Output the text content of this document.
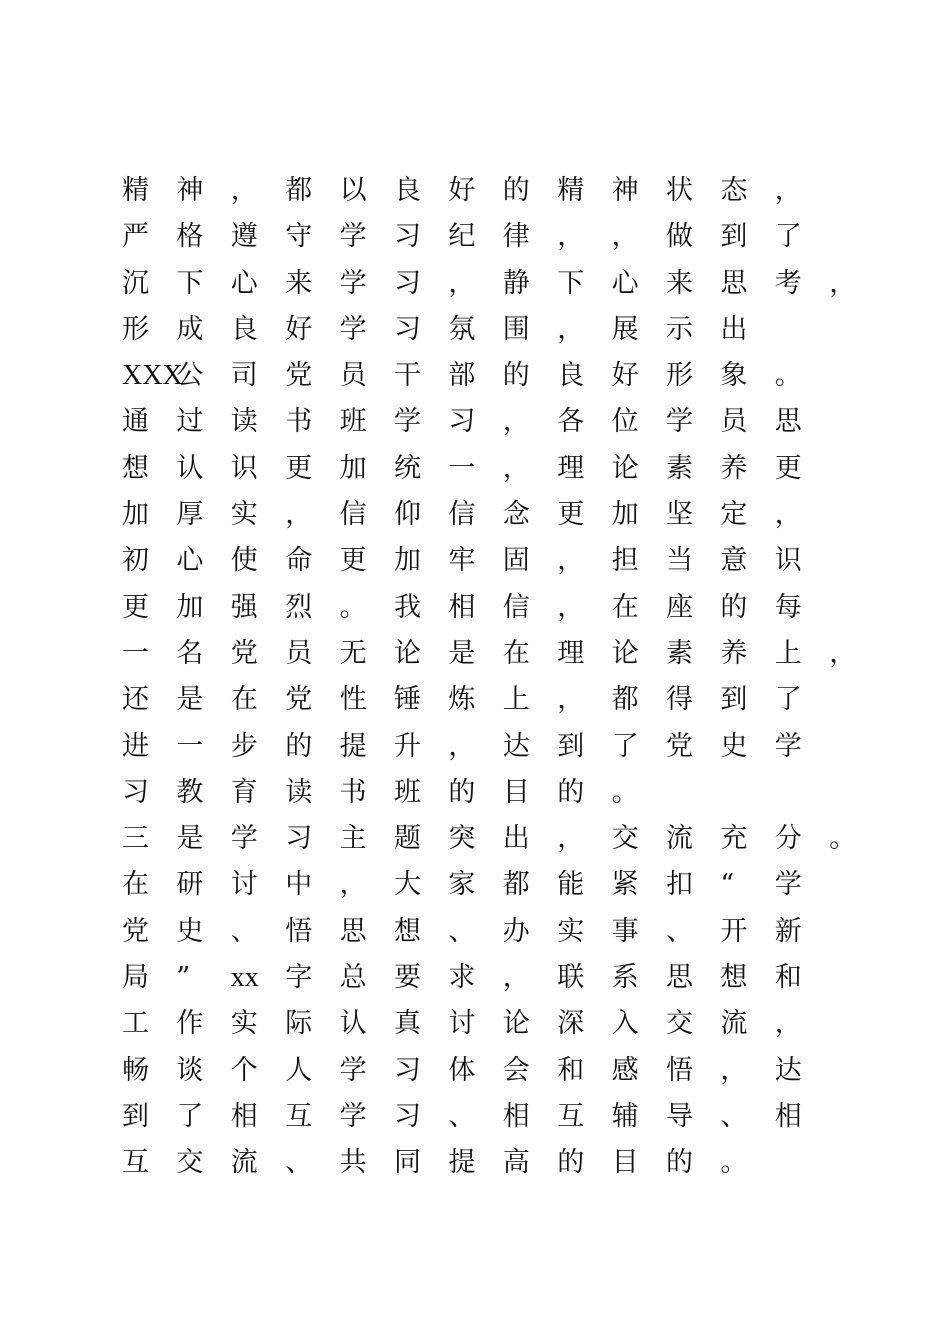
精	神	，	都	以	良	好	的	精	神	状	态	，
严	格	遵	守	学	习	纪	律	，	，	做	到	了
沉	下	心	来	学	习	，	静	下	心	来	思	考	，
形	成	良	好	学	习	氛	围	，	展	示	出
XXX
公	司	党	员	干	部	的	良	好	形	象	。
通	过	读	书	班	学	习	，	各	位	学	员	思
想	认	识	更	加	统	一	，	理	论	素	养	更
加	厚	实	，	信	仰	信	念	更	加	坚	定	，
初	心	使	命	更	加	牢	固	，	担	当	意	识
更	加	强	烈	。	我	相	信	，	在	座	的	每
一	名	党	员	无	论	是	在	理	论	素	养	上	，
还	是	在	党	性	锤	炼	上	，	都	得	到	了
进	一	步	的	提	升	，	达	到	了	党	史	学
习	教	育	读	书	班	的	目	的	。
三	是	学	习	主	题	突	出	，	交	流	充	分	。
在	研	讨	中	，	大	家	都	能	紧	扣	“	学
党	史	、	悟	思	想	、	办	实	事	、	开	新
局	”	xx 字	总	要	求	，	联	系	思	想	和
工	作	实	际	认	真	讨	论	深	入	交	流	，
畅	谈	个	人	学	习	体	会	和	感	悟	，	达
到	了	相	互	学	习	、	相	互	辅	导	、	相
互	交	流	、	共	同	提	高	的	目	的	。
